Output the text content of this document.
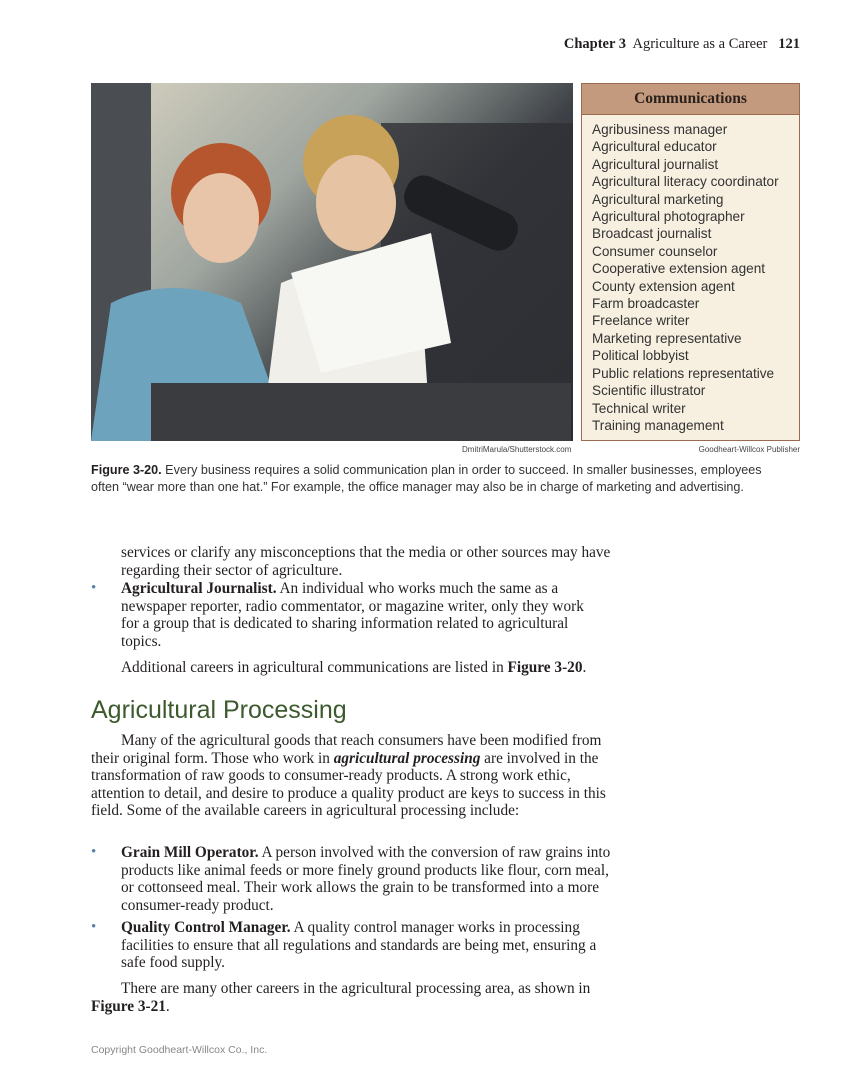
Chapter 3 Agriculture as a Career 121
Communications
Agribusiness manager
Agricultural educator
Agricultural journalist
Agricultural literacy coordinator
Agricultural marketing
Agricultural photographer
Broadcast journalist
Consumer counselor
Cooperative extension agent
County extension agent
Farm broadcaster
Freelance writer
Marketing representative
Political lobbyist
Public relations representative
Scientific illustrator
Technical writer
Training management
DmitriMarula/Shutterstock.com	Goodheart-Willcox Publisher
Figure 3-20. Every business requires a solid communication plan in order to succeed. In smaller businesses, employees often “wear more than one hat.” For example, the office manager may also be in charge of marketing and advertising.
services or clarify any misconceptions that the media or other sources may have regarding their sector of agriculture.
• Agricultural Journalist. An individual who works much the same as a newspaper reporter, radio commentator, or magazine writer, only they work for a group that is dedicated to sharing information related to agricultural topics.
Additional careers in agricultural communications are listed in Figure 3-20.
Agricultural Processing
Many of the agricultural goods that reach consumers have been modified from their original form. Those who work in agricultural processing are involved in the transformation of raw goods to consumer-ready products. A strong work ethic, attention to detail, and desire to produce a quality product are keys to success in this field. Some of the available careers in agricultural processing include:
• Grain Mill Operator. A person involved with the conversion of raw grains into products like animal feeds or more finely ground products like flour, corn meal, or cottonseed meal. Their work allows the grain to be transformed into a more consumer-ready product.
• Quality Control Manager. A quality control manager works in processing facilities to ensure that all regulations and standards are being met, ensuring a safe food supply.
There are many other careers in the agricultural processing area, as shown in Figure 3-21.
Copyright Goodheart-Willcox Co., Inc.
